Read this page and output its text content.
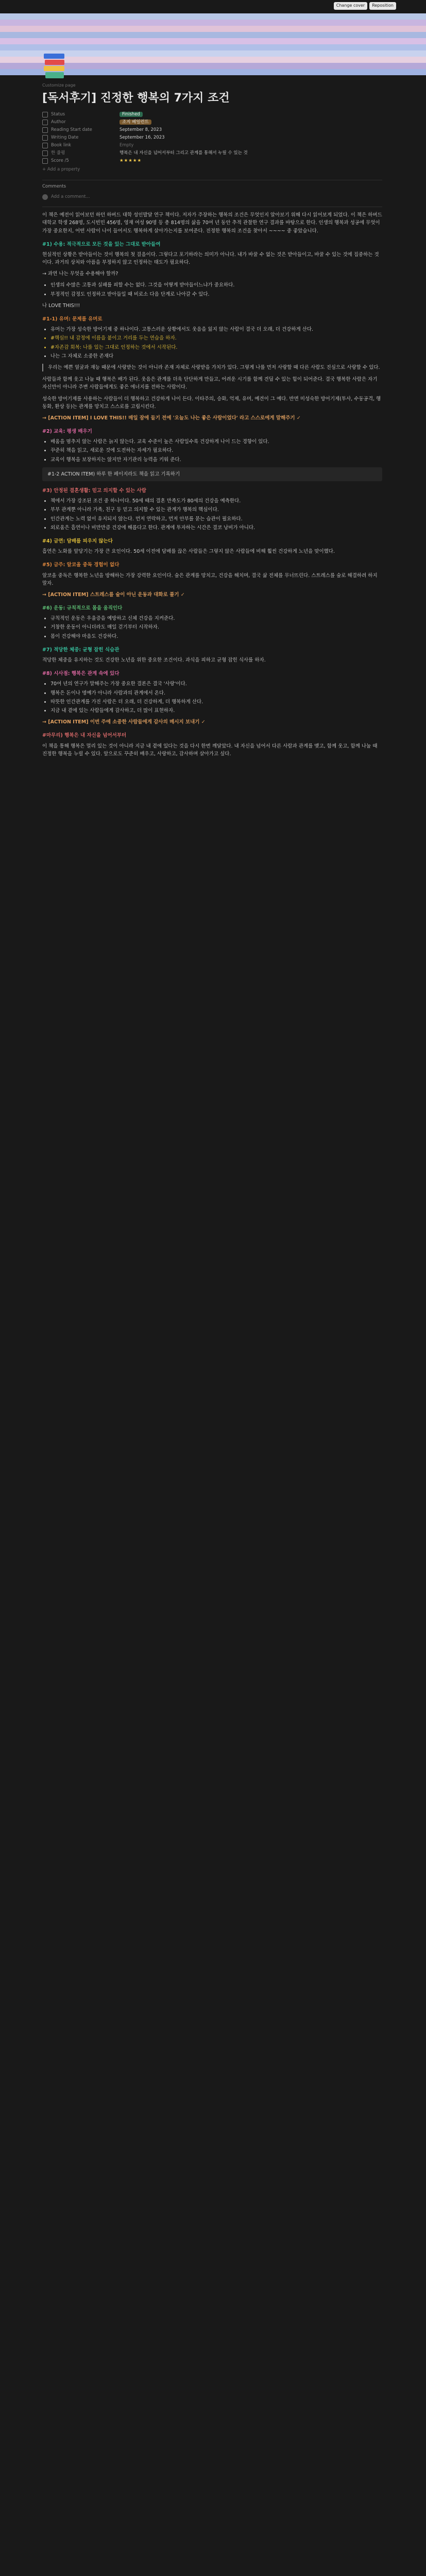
Change cover	Reposition
Customize page
[독서후기] 진정한 행복의 7가지 조건
Status	Finished
Author	조지 베일런트
Reading Start date	September 8, 2023
Writing Date	September 16, 2023
Book link	Empty
한 줄평	행복은 내 자신을 넘어서부터 그리고 관계를 통해서 누릴 수 있는 것
Score /5	★★★★★
+ Add a property
Comments
Add a comment...

이 책은 예전이 읽어보던 하던 하버드 대학 성인발달 연구 책이다. 저자가 주장하는 행복의 조건은 무엇인지 알아보기 위해 다시 읽어보게 되었다. 이 책은 하버드 대학교 학생 268명, 도시빈민 456명, 영재 여성 90명 등 총 814명의 삶을 70여 년 동안 추적 관찰한 연구 결과를 바탕으로 한다. 인생의 행복과 성공에 무엇이 가장 중요한지, 어떤 사람이 나이 들어서도 행복하게 살아가는지를 보여준다. 진정한 행복의 조건을 찾아서 ~~~~ 중 좋았습니다.

#1) 수용: 적극적으로 모든 것을 있는 그대로 받아들여

현실적인 상황은 받아들이는 것이 행복의 첫 걸음이다. 그렇다고 포기하라는 의미가 아니다. 내가 바꿀 수 없는 것은 받아들이고, 바꿀 수 있는 것에 집중하는 것이다. 과거의 상처와 아픔을 부정하지 않고 인정하는 태도가 필요하다.

→ 과연 나는 무엇을 수용해야 할까?

• 인생의 수많은 고통과 실패를 피할 수는 없다. 그것을 어떻게 받아들이느냐가 중요하다.
• 부정적인 감정도 인정하고 받아들일 때 비로소 다음 단계로 나아갈 수 있다.

나 LOVE THIS!!!

#1-1) 유머: 문제를 유머로
• 유머는 가장 성숙한 방어기제 중 하나이다. 고통스러운 상황에서도 웃음을 잃지 않는 사람이 결국 더 오래, 더 건강하게 산다.
• #핵심!! 내 감정에 이름을 붙이고 거리를 두는 연습을 하자.
• #자존감 회복: 나를 있는 그대로 인정하는 것에서 시작된다.
• 나는 그 자체로 소중한 존재다
우리는 예쁜 얼굴과 재능 때문에 사랑받는 것이 아니라 존재 자체로 사랑받을 가치가 있다. 그렇게 나를 먼저 사랑할 때 다른 사람도 진심으로 사랑할 수 있다.

사람들과 함께 웃고 나눌 때 행복은 배가 된다. 웃음은 관계를 더욱 단단하게 만들고, 어려운 시기를 함께 견딜 수 있는 힘이 되어준다. 결국 행복한 사람은 자기 자신만이 아니라 주변 사람들에게도 좋은 에너지를 전하는 사람이다.

성숙한 방어기제를 사용하는 사람들이 더 행복하고 건강하게 나이 든다. 이타주의, 승화, 억제, 유머, 예견이 그 예다. 반면 미성숙한 방어기제(투사, 수동공격, 행동화, 환상 등)는 관계를 망치고 스스로를 고립시킨다.

→ [ACTION ITEM] I LOVE THIS!! 매일 잠에 들기 전에 '오늘도 나는 좋은 사람이었다' 라고 스스로에게 말해주기 ✓

#2) 교육: 평생 배우기
• 배움을 멈추지 않는 사람은 늙지 않는다. 교육 수준이 높은 사람일수록 건강하게 나이 드는 경향이 있다.
• 꾸준히 책을 읽고, 새로운 것에 도전하는 자세가 필요하다.
• 교육이 행복을 보장하지는 않지만 자기관리 능력을 키워 준다.
#1-2 ACTION ITEM) 하루 한 페이지라도 책을 읽고 기록하기
#3) 안정된 결혼생활: 믿고 의지할 수 있는 사람
• 책에서 가장 강조된 조건 중 하나이다. 50세 때의 결혼 만족도가 80세의 건강을 예측한다.
• 부부 관계뿐 아니라 가족, 친구 등 믿고 의지할 수 있는 관계가 행복의 핵심이다.
• 인간관계는 노력 없이 유지되지 않는다. 먼저 연락하고, 먼저 안부를 묻는 습관이 필요하다.
• 외로움은 흡연이나 비만만큼 건강에 해롭다고 한다. 관계에 투자하는 시간은 결코 낭비가 아니다.
#4) 금연: 담배를 피우지 않는다

흡연은 노화를 앞당기는 가장 큰 요인이다. 50세 이전에 담배를 끊은 사람들은 그렇지 않은 사람들에 비해 훨씬 건강하게 노년을 맞이했다.

#5) 금주: 알코올 중독 경험이 없다

알코올 중독은 행복한 노년을 방해하는 가장 강력한 요인이다. 술은 관계를 망치고, 건강을 해치며, 결국 삶 전체를 무너뜨린다. 스트레스를 술로 해결하려 하지 말자.

→ [ACTION ITEM] 스트레스를 술이 아닌 운동과 대화로 풀기 ✓

#6) 운동: 규칙적으로 몸을 움직인다
• 규칙적인 운동은 우울증을 예방하고 신체 건강을 지켜준다.
• 거창한 운동이 아니더라도 매일 걷기부터 시작하자.
• 몸이 건강해야 마음도 건강하다.
#7) 적당한 체중: 균형 잡힌 식습관

적당한 체중을 유지하는 것도 건강한 노년을 위한 중요한 조건이다. 과식을 피하고 균형 잡힌 식사를 하자.

#8) 시사점: 행복은 관계 속에 있다
• 70여 년의 연구가 말해주는 가장 중요한 결론은 결국 '사랑'이다.
• 행복은 돈이나 명예가 아니라 사람과의 관계에서 온다.
• 따뜻한 인간관계를 가진 사람은 더 오래, 더 건강하게, 더 행복하게 산다.
• 지금 내 곁에 있는 사람들에게 감사하고, 더 많이 표현하자.

→ [ACTION ITEM] 이번 주에 소중한 사람들에게 감사의 메시지 보내기 ✓

#마무리) 행복은 내 자신을 넘어서부터

이 책을 통해 행복은 멀리 있는 것이 아니라 지금 내 곁에 있다는 것을 다시 한번 깨달았다. 내 자신을 넘어서 다른 사람과 관계를 맺고, 함께 웃고, 함께 나눌 때 진정한 행복을 누릴 수 있다. 앞으로도 꾸준히 배우고, 사랑하고, 감사하며 살아가고 싶다.
